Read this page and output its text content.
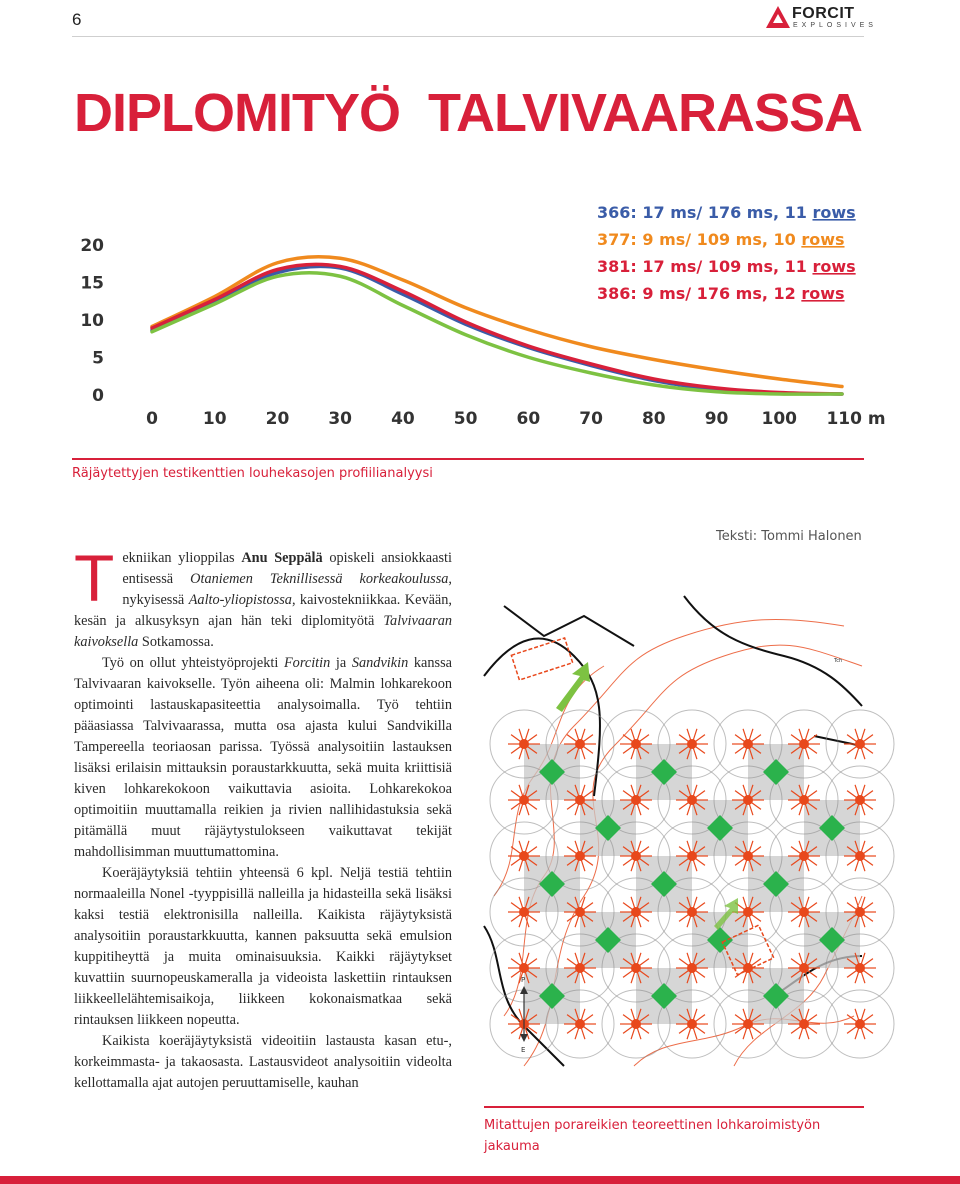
6	FORCIT
EXPLOSIVES
DIPLOMITYÖ TALVIVAARASSA
0
5
10
15
20
0	10 20 30 40 50 60 70 80 90 100 110 m
366: 17 ms/ 176 ms, 11 rows
377: 9 ms/ 109 ms, 10 rows
381: 17 ms/ 109 ms, 11 rows
386: 9 ms/ 176 ms, 12 rows
Räjäytettyjen testikenttien louhekasojen profiilianalyysi
Teksti: Tommi Halonen

Tekniikan ylioppilas Anu Seppälä opiskeli ansiokkaasti entisessä Otaniemen Teknillisessä korkeakoulussa, nykyisessä Aalto-yliopistossa, kaivostekniikkaa. Kevään, kesän ja alkusyksyn ajan hän teki diplomityötä Talvivaaran kaivoksella Sotkamossa.

Työ on ollut yhteistyöprojekti Forcitin ja Sandvikin kanssa Talvivaaran kaivokselle. Työn aiheena oli: Malmin lohkarekoon optimointi lastauskapasiteettia analysoimalla. Työ tehtiin pääasiassa Talvivaarassa, mutta osa ajasta kului Sandvikilla Tampereella teoriaosan parissa. Työssä analysoitiin lastauksen lisäksi erilaisin mittauksin poraustarkkuutta, sekä muita kriittisiä kiven lohkarekokoon vaikuttavia asioita. Lohkarekokoa optimoitiin muuttamalla reikien ja rivien nallihidastuksia sekä pitämällä muut räjäytystulokseen vaikuttavat tekijät mahdollisimman muuttumattomina.

Koeräjäytyksiä tehtiin yhteensä 6 kpl. Neljä testiä tehtiin normaaleilla Nonel -tyyppisillä nalleilla ja hidasteilla sekä lisäksi kaksi testiä elektronisilla nalleilla. Kaikista räjäytyksistä analysoitiin poraustarkkuutta, kannen paksuutta sekä emulsion kuppitiheyttä ja muita ominaisuuksia. Kaikki räjäytykset kuvattiin suurnopeuskameralla ja videoista laskettiin rintauksen liikkeellelähtemisaikoja, liikkeen kokonaismatkaa sekä rintauksen liikkeen nopeutta.

Kaikista koeräjäytyksistä videoitiin lastausta kasan etu-, korkeimmasta- ja takaosasta. Lastausvideot analysoitiin videolta kellottamalla ajat autojen peruuttamiselle, kauhan

Tch
P
E
Mitattujen porareikien teoreettinen lohkaroimistyön jakauma
